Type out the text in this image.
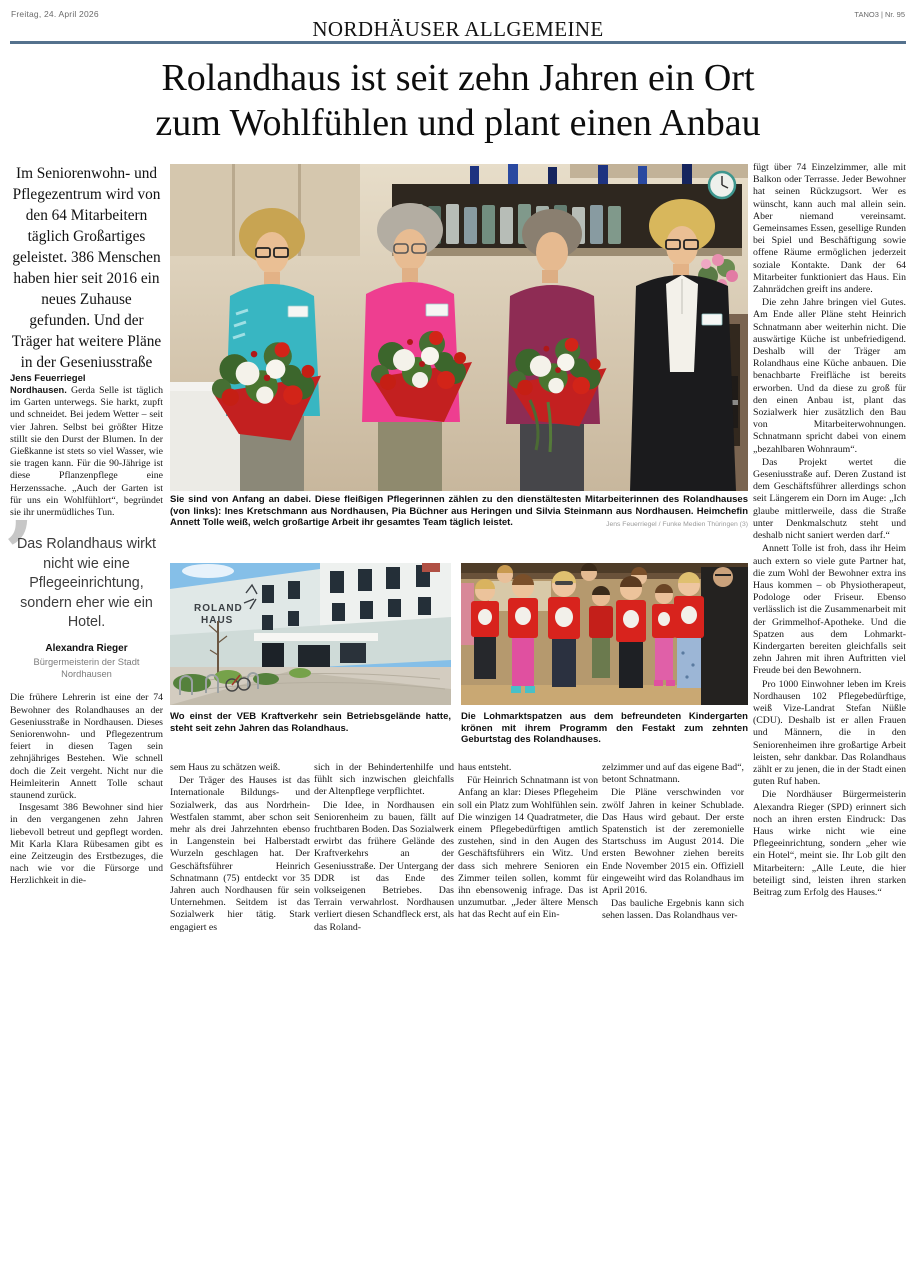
Freitag, 24. April 2026
NORDHÄUSER ALLGEMEINE
TANO3 | Nr. 95
Rolandhaus ist seit zehn Jahren ein Ort
zum Wohlfühlen und plant einen Anbau

Im Seniorenwohn- und Pflegezentrum wird von den 64 Mitarbeitern täglich Großartiges geleistet. 386 Menschen haben hier seit 2016 ein neues Zuhause gefunden. Und der Träger hat weitere Pläne in der Geseniusstraße

Jens Feuerriegel

Nordhausen. Gerda Selle ist täglich im Garten unterwegs. Sie harkt, zupft und schneidet. Bei jedem Wetter – seit vier Jahren. Selbst bei größter Hitze stillt sie den Durst der Blumen. In der Gießkanne ist stets so viel Wasser, wie sie tragen kann. Für die 90-Jährige ist diese Pflanzenpflege eine Herzenssache. „Auch der Garten ist für uns ein Wohlfühlort“, begründet sie ihr unermüdliches Tun.

’
Das Rolandhaus wirkt nicht wie eine Pflegeeinrichtung, sondern eher wie ein Hotel.
Alexandra Rieger
Bürgermeisterin der Stadt Nordhausen

Die frühere Lehrerin ist eine der 74 Bewohner des Rolandhauses an der Geseniusstraße in Nordhausen. Dieses Seniorenwohn- und Pflegezentrum feiert in diesen Tagen sein zehnjähriges Bestehen. Wie schnell doch die Zeit vergeht. Nicht nur die Heimleiterin Annett Tolle schaut staunend zurück.

Insgesamt 386 Bewohner sind hier in den vergangenen zehn Jahren liebevoll betreut und gepflegt worden. Mit Karla Klara Rübesamen gibt es eine Zeitzeugin des Erstbezuges, die nach wie vor die Fürsorge und Herzlichkeit in die-

Sie sind von Anfang an dabei. Diese fleißigen Pflegerinnen zählen zu den dienstältesten Mitarbeiterinnen des Rolandhauses (von links): Ines Kretschmann aus Nordhausen, Pia Büchner aus Heringen und Silvia Steinmann aus Nordhausen. Heimchefin Annett Tolle weiß, welch großartige Arbeit ihr gesamtes Team täglich leistet.	Jens Feuerriegel / Funke Medien Thüringen (3)
ROLAND
HAUS
Wo einst der VEB Kraftverkehr sein Betriebsgelände hatte, steht seit zehn Jahren das Rolandhaus.
Die Lohmarktspatzen aus dem befreundeten Kindergarten krönen mit ihrem Programm den Festakt zum zehnten Geburtstag des Rolandhauses.

sem Haus zu schätzen weiß.

Der Träger des Hauses ist das Internationale Bildungs- und Sozialwerk, das aus Nordrhein-Westfalen stammt, aber schon seit mehr als drei Jahrzehnten ebenso in Langenstein bei Halberstadt Wurzeln geschlagen hat. Der Geschäftsführer Heinrich Schnatmann (75) entdeckt vor 35 Jahren auch Nordhausen für sein Unternehmen. Seitdem ist das Sozialwerk hier tätig. Stark engagiert es

sich in der Behindertenhilfe und fühlt sich inzwischen gleichfalls der Altenpflege verpflichtet.

Die Idee, in Nordhausen ein Seniorenheim zu bauen, fällt auf fruchtbaren Boden. Das Sozialwerk erwirbt das frühere Gelände des Kraftverkehrs an der Geseniusstraße. Der Untergang der DDR ist das Ende des volkseigenen Betriebes. Das Terrain verwahrlost. Nordhausen verliert diesen Schandfleck erst, als das Roland-

haus entsteht.

Für Heinrich Schnatmann ist von Anfang an klar: Dieses Pflegeheim soll ein Platz zum Wohlfühlen sein. Die winzigen 14 Quadratmeter, die einem Pflegebedürftigen amtlich zustehen, sind in den Augen des Geschäftsführers ein Witz. Und dass sich mehrere Senioren ein Zimmer teilen sollen, kommt für ihn ebensowenig infrage. Das ist unzumutbar. „Jeder ältere Mensch hat das Recht auf ein Ein-

zelzimmer und auf das eigene Bad“, betont Schnatmann.

Die Pläne verschwinden vor zwölf Jahren in keiner Schublade. Das Haus wird gebaut. Der erste Spatenstich ist der zeremonielle Startschuss im August 2014. Die ersten Bewohner ziehen bereits Ende November 2015 ein. Offiziell eingeweiht wird das Rolandhaus im April 2016.

Das bauliche Ergebnis kann sich sehen lassen. Das Rolandhaus ver-

fügt über 74 Einzelzimmer, alle mit Balkon oder Terrasse. Jeder Bewohner hat seinen Rückzugsort. Wer es wünscht, kann auch mal allein sein. Aber niemand vereinsamt. Gemeinsames Essen, gesellige Runden bei Spiel und Beschäftigung sowie offene Räume ermöglichen jederzeit soziale Kontakte. Dank der 64 Mitarbeiter funktioniert das Haus. Ein Zahnrädchen greift ins andere.

Die zehn Jahre bringen viel Gutes. Am Ende aller Pläne steht Heinrich Schnatmann aber weiterhin nicht. Die auswärtige Küche ist unbefriedigend. Deshalb will der Träger am Rolandhaus eine Küche anbauen. Die benachbarte Freifläche ist bereits erworben. Und da diese zu groß für den einen Anbau ist, plant das Sozialwerk hier zusätzlich den Bau von Mitarbeiterwohnungen. Schnatmann spricht dabei von einem „bezahlbaren Wohnraum“.

Das Projekt wertet die Geseniusstraße auf. Deren Zustand ist dem Geschäftsführer allerdings schon seit Längerem ein Dorn im Auge: „Ich glaube mittlerweile, dass die Straße unter Denkmalschutz steht und deshalb nicht saniert werden darf.“

Annett Tolle ist froh, dass ihr Heim auch extern so viele gute Partner hat, die zum Wohl der Bewohner extra ins Haus kommen – ob Physiotherapeut, Podologe oder Friseur. Ebenso verlässlich ist die Zusammenarbeit mit der Grimmelhof-Apotheke. Und die Spatzen aus dem Lohmarkt-Kindergarten bereiten gleichfalls seit zehn Jahren mit ihren Auftritten viel Freude bei den Bewohnern.

Pro 1000 Einwohner leben im Kreis Nordhausen 102 Pflegebedürftige, weiß Vize-Landrat Stefan Nüßle (CDU). Deshalb ist er allen Frauen und Männern, die in den Seniorenheimen ihre großartige Arbeit leisten, sehr dankbar. Das Rolandhaus zählt er zu jenen, die in der Stadt einen guten Ruf haben.

Die Nordhäuser Bürgermeisterin Alexandra Rieger (SPD) erinnert sich noch an ihren ersten Eindruck: Das Haus wirke nicht wie eine Pflegeeinrichtung, sondern „eher wie ein Hotel“, meint sie. Ihr Lob gilt den Mitarbeitern: „Alle Leute, die hier beteiligt sind, leisten ihren starken Beitrag zum Erfolg des Hauses.“
